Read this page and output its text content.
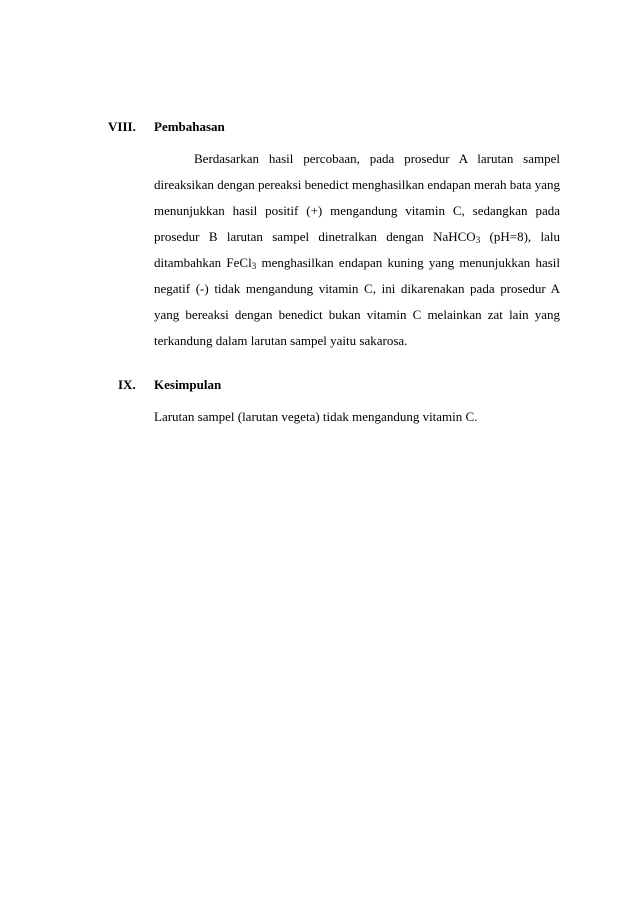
VIII. Pembahasan
Berdasarkan hasil percobaan, pada prosedur A larutan sampel
direaksikan dengan pereaksi benedict menghasilkan endapan merah bata yang
menunjukkan hasil positif (+) mengandung vitamin C, sedangkan pada
prosedur B larutan sampel dinetralkan dengan NaHCO$_3$ (pH=8), lalu
ditambahkan FeCl$_3$ menghasilkan endapan kuning yang menunjukkan hasil
negatif (-) tidak mengandung vitamin C, ini dikarenakan pada prosedur A
yang bereaksi dengan benedict bukan vitamin C melainkan zat lain yang
terkandung dalam larutan sampel yaitu sakarosa.
IX. Kesimpulan
Larutan sampel (larutan vegeta) tidak mengandung vitamin C.
